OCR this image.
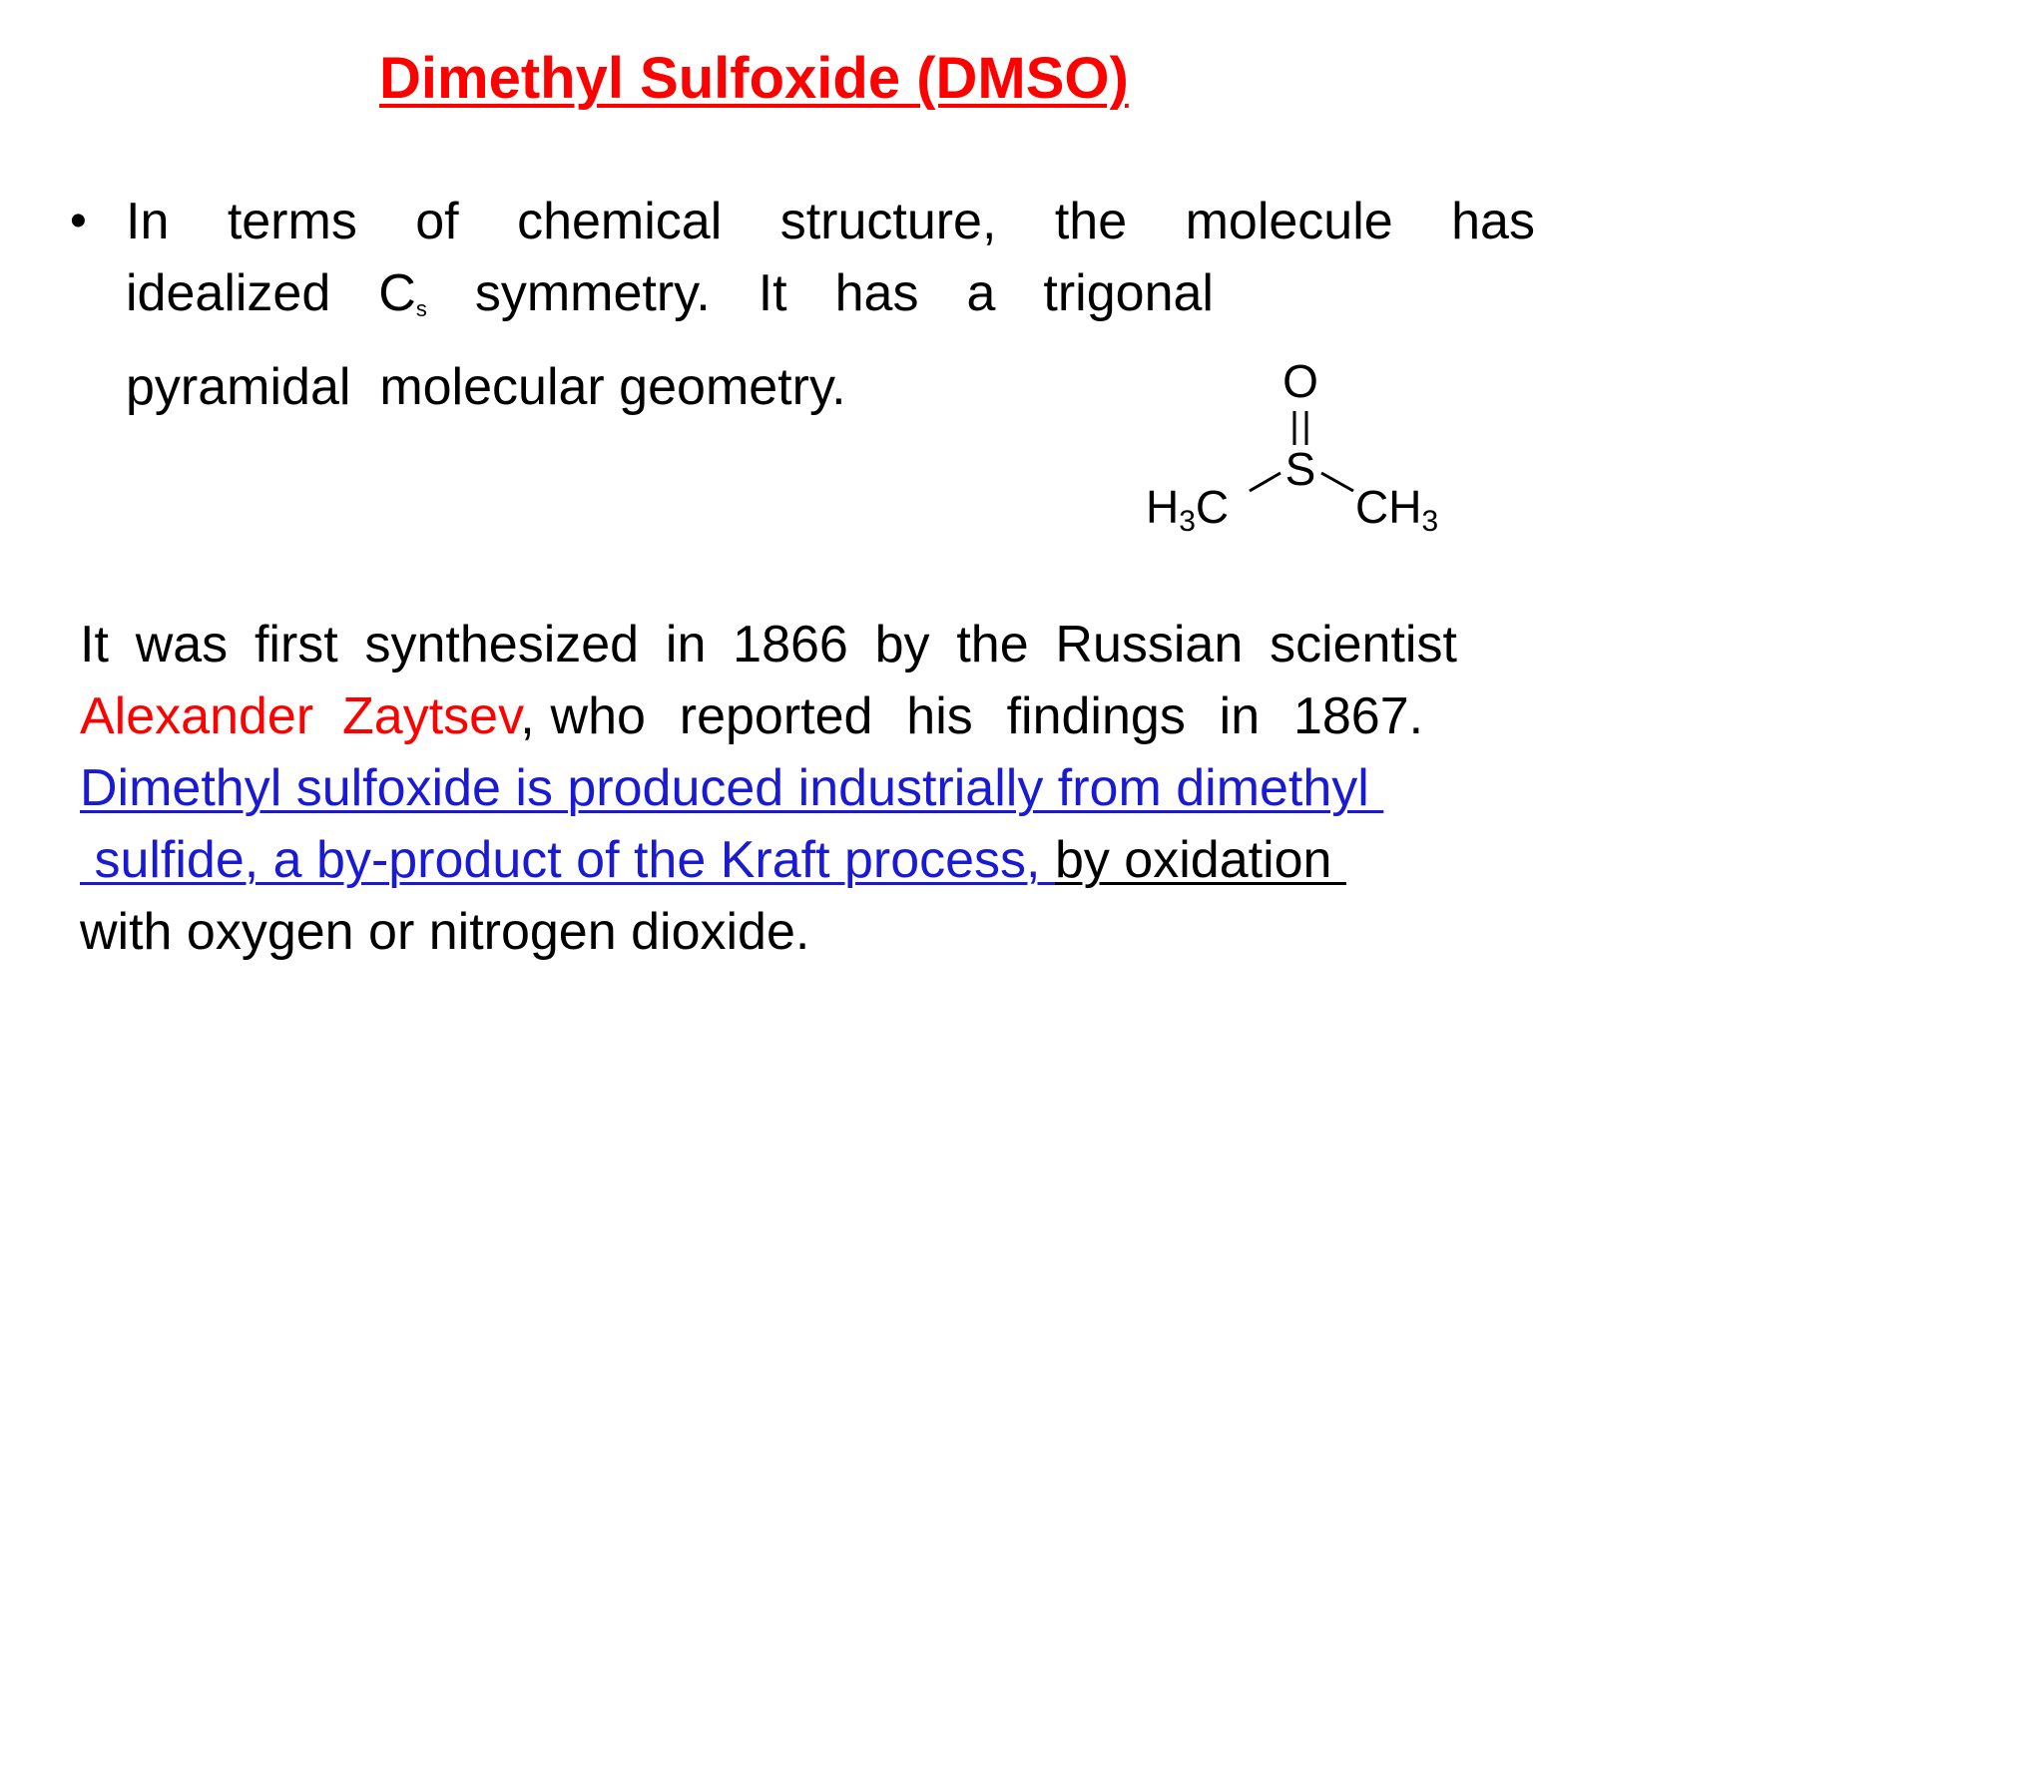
Dimethyl Sulfoxide (DMSO)
• In terms of chemical structure, the molecule has
idealized Cs symmetry. It has a trigonal
pyramidal  molecular geometry.	O
S
H3C	CH3
It was first synthesized in 1866 by the Russian scientist
Alexander  Zaytsev, who reported his findings in 1867.
Dimethyl sulfoxide is produced industrially from dimethyl
sulfide, a by-product of the Kraft process, by oxidation
with oxygen or nitrogen dioxide.
